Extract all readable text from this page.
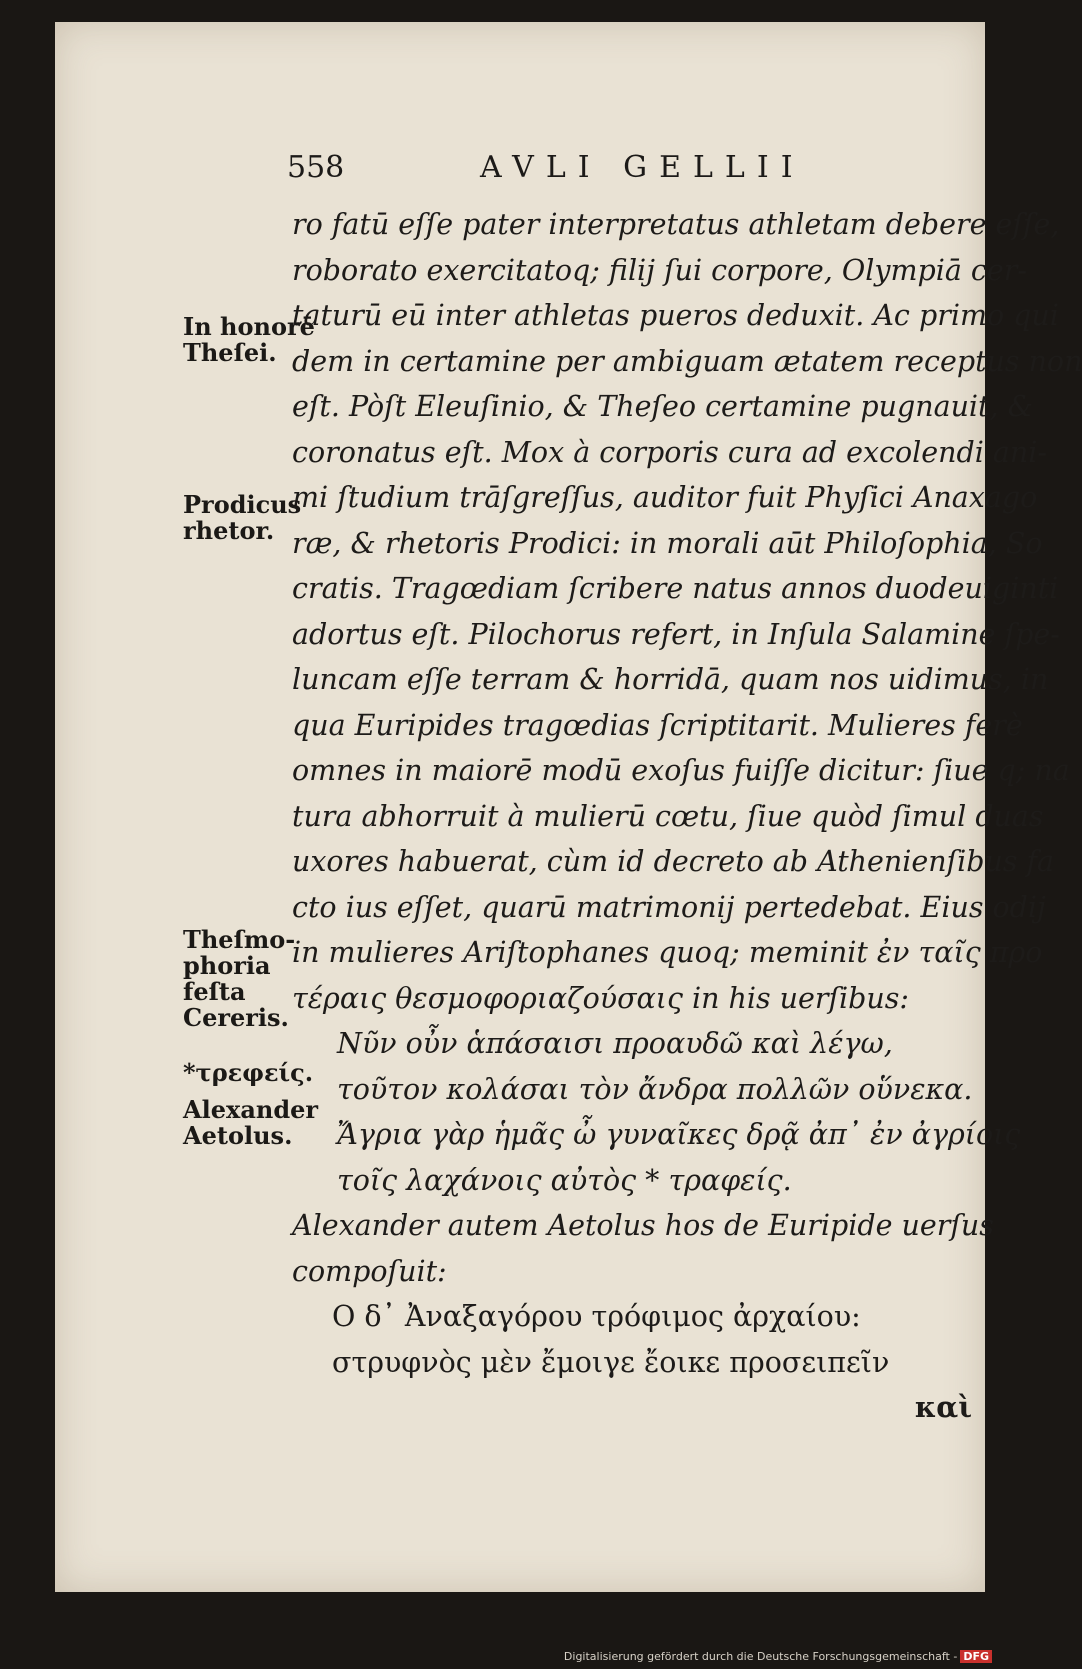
558	AVLI GELLII
ro fatū eſſe pater interpretatus athletam debere eſſe,
roborato exercitatoq; filij ſui corpore, Olympiā cer-
taturū eū inter athletas pueros deduxit. Ac primo qui
dem in certamine per ambiguam ætatem receptus non
eſt. Pòſt Eleuſinio, & Theſeo certamine pugnauit, &
coronatus eſt. Mox à corporis cura ad excolendi ani-
mi ſtudium trāſgreſſus, auditor fuit Phyſici Anaxago
ræ, & rhetoris Prodici: in morali aūt Philoſophia, So
cratis. Tragœdiam ſcribere natus annos duodeuiginti
adortus eſt. Pilochorus refert, in Inſula Salamine ſpe-
luncam eſſe terram & horridā, quam nos uidimus, in
qua Euripides tragœdias ſcriptitarit. Mulieres ferè
omnes in maiorē modū exoſus fuiſſe dicitur: ſiue q; na
tura abhorruit à mulierū cœtu, ſiue quòd ſimul duas
uxores habuerat, cùm id decreto ab Athenienſibus fa
cto ius eſſet, quarū matrimonij pertedebat. Eius odij
in mulieres Ariſtophanes quoq; meminit ἐν ταῖς προ
τέραις θεσμοφοριαζούσαις in his uerſibus:
Νῦν οὖν ἁπάσαισι προαυδῶ καὶ λέγω,
τοῦτον κολάσαι τὸν ἄνδρα πολλῶν οὕνεκα.
Ἄγρια γὰρ ἡμᾶς ὦ γυναῖκες δρᾷ ἀπ᾽ ἐν ἀγρίοις
τοῖς λαχάνοις αὐτὸς * τραφείς.
Alexander autem Aetolus hos de Euripide uerſus
compoſuit:
Ο δ᾽ Ἀναξαγόρου τρόφιμος ἀρχαίου:
στρυφνὸς μὲν ἔμοιγε ἔοικε προσειπεῖν
καὶ
In honorē
Theſei.
Prodicus
rhetor.
Theſmo-
phoria feſta
Cereris.
*τρεφείς.
Alexander
Aetolus.
Digitalisierung gefördert durch die Deutsche Forschungsgemeinschaft - DFG
